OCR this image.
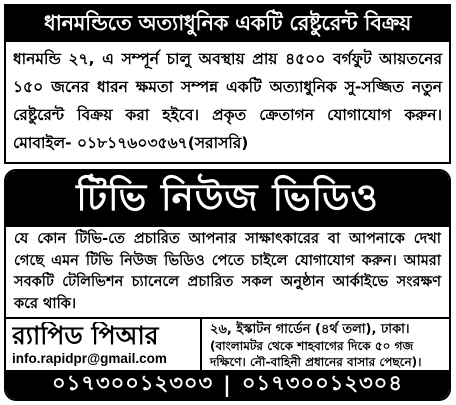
ধানমন্ডিতে অত্যাধুনিক একটি রেষ্টুরেন্ট বিক্রয়
ধানমন্ডি ২৭, এ সম্পূর্ন চালু অবস্থায় প্রায় ৪৫০০ বর্গফুট আয়তনের ১৫০ জনের ধারন ক্ষমতা সম্পন্ন একটি অত্যাধুনিক সু-সজ্জিত নতুন রেষ্টুরেন্ট বিক্রয় করা হইবে। প্রকৃত ক্রেতাগন যোগাযোগ করুন। মোবাইল- ০১৮১৭৬০৩৫৬৭(সরাসরি)
টিভি নিউজ ভিডিও
যে কোন টিভি-তে প্রচারিত আপনার সাক্ষাৎকারের বা আপনাকে দেখা গেছে এমন টিভি নিউজ ভিডিও পেতে চাইলে যোগাযোগ করুন। আমরা সবকটি টেলিভিশন চ্যানেলে প্রচারিত সকল অনুষ্ঠান আর্কাইভে সংরক্ষণ করে থাকি।
র‌্যাপিড পিআর
info.rapidpr@gmail.com
২৬, ইস্কাটন গার্ডেন (৪র্থ তলা), ঢাকা।
(বাংলামটর থেকে শাহবাগের দিকে ৫০ গজ দক্ষিণে। নৌ-বাহিনী প্রধানের বাসার পেছনে)।
০১৭৩০০১২৩০৩ | ০১৭৩০০১২৩০৪
